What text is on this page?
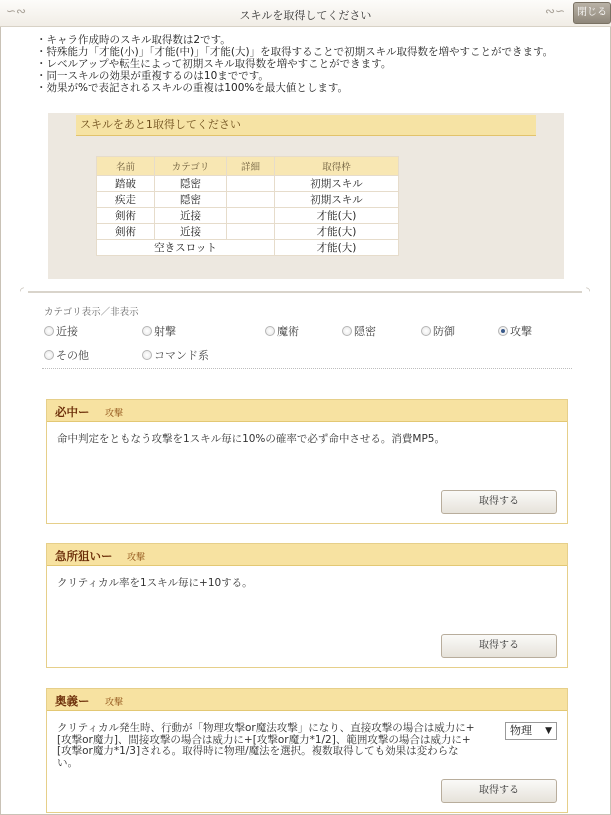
∽∾	スキルを取得してください	∾∽	閉じる
・キャラ作成時のスキル取得数は2です。
・特殊能力「才能(小)」「才能(中)」「才能(大)」を取得することで初期スキル取得数を増やすことができます。
・レベルアップや転生によって初期スキル取得数を増やすことができます。
・同一スキルの効果が重複するのは10までです。
・効果が%で表記されるスキルの重複は100%を最大値とします。
スキルをあと1取得してください
名前	カテゴリ	詳細	取得枠
踏破	隠密		初期スキル
疾走	隠密		初期スキル
剣術	近接		才能(大)
剣術	近接		才能(大)
空きスロット			才能(大)
◜	◝
カテゴリ表示／非表示
近接	射撃	魔術	隠密	防御	攻撃
その他	コマンド系
必中ー 攻撃
命中判定をともなう攻撃を1スキル毎に10%の確率で必ず命中させる。消費MP5。
取得する
急所狙いー 攻撃
クリティカル率を1スキル毎に+10する。
取得する
奥義ー 攻撃
クリティカル発生時、行動が「物理攻撃or魔法攻撃」になり、直接攻撃の場合は威力に+[攻撃or魔力]、間接攻撃の場合は威力に+[攻撃or魔力*1/2]、範囲攻撃の場合は威力に+[攻撃or魔力*1/3]される。取得時に物理/魔法を選択。複数取得しても効果は変わらない。
物理 ▼
取得する
